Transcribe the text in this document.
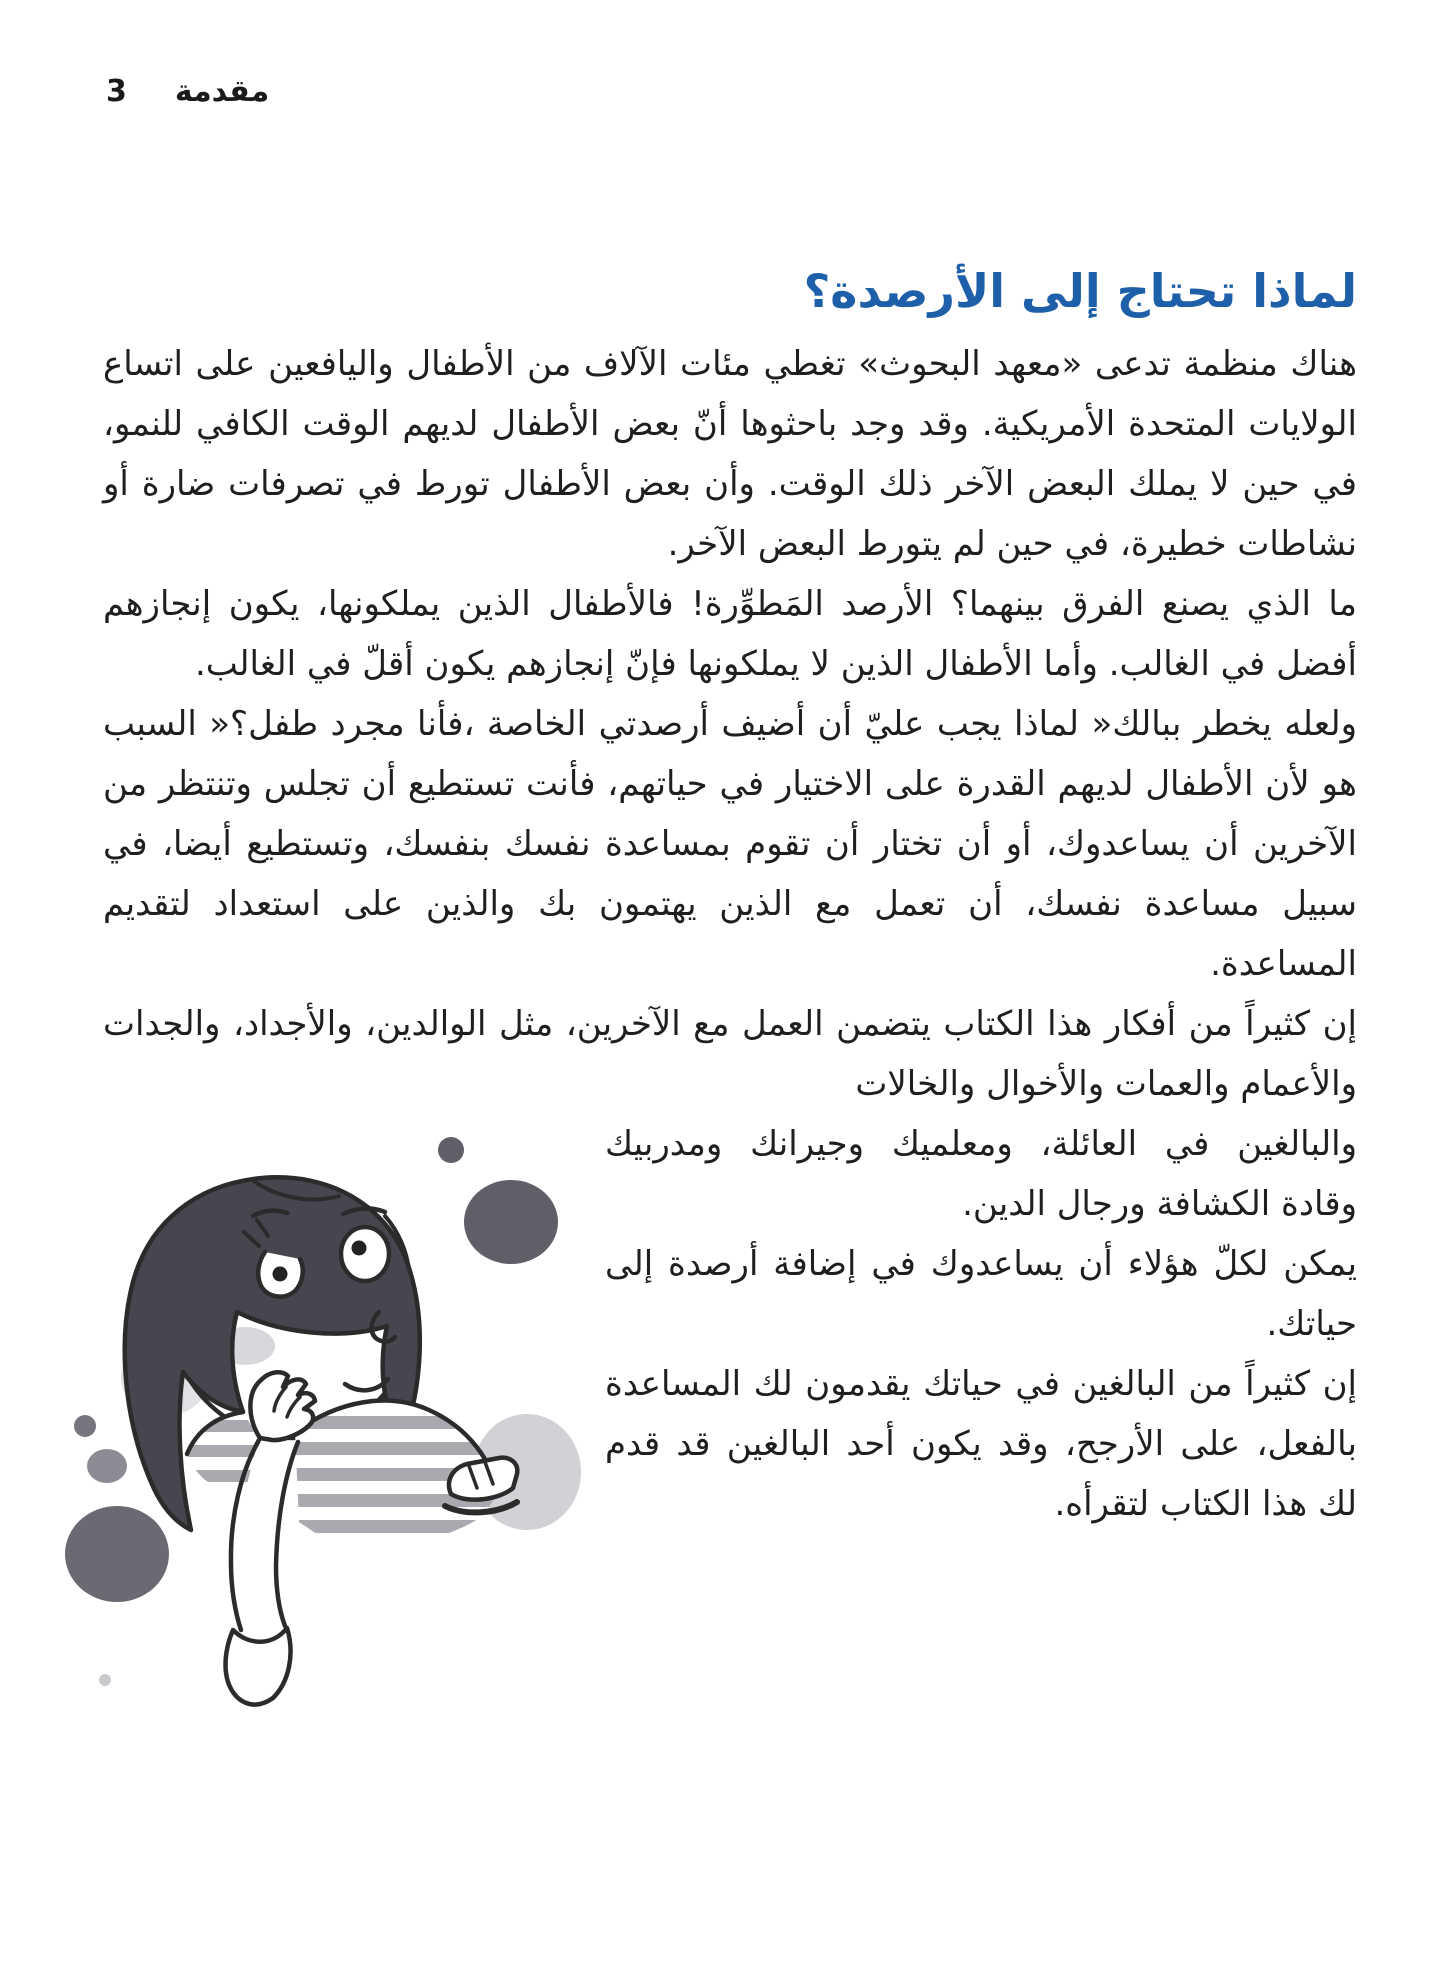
3 مقدمة
لماذا تحتاج إلى الأرصدة؟

هناك منظمة تدعى «معهد البحوث» تغطي مئات الآلاف من الأطفال واليافعين على اتساع الولايات المتحدة الأمريكية. وقد وجد باحثوها أنّ بعض الأطفال لديهم الوقت الكافي للنمو، في حين لا يملك البعض الآخر ذلك الوقت. وأن بعض الأطفال تورط في تصرفات ضارة أو نشاطات خطيرة، في حين لم يتورط البعض الآخر.

ما الذي يصنع الفرق بينهما؟ الأرصد المَطوِّرة! فالأطفال الذين يملكونها، يكون إنجازهم أفضل في الغالب. وأما الأطفال الذين لا يملكونها فإنّ إنجازهم يكون أقلّ في الغالب.

ولعله يخطر ببالك« لماذا يجب عليّ أن أضيف أرصدتي الخاصة ،فأنا مجرد طفل؟« السبب هو لأن الأطفال لديهم القدرة على الاختيار في حياتهم، فأنت تستطيع أن تجلس وتنتظر من الآخرين أن يساعدوك، أو أن تختار أن تقوم بمساعدة نفسك بنفسك، وتستطيع أيضا، في سبيل مساعدة نفسك، أن تعمل مع الذين يهتمون بك والذين على استعداد لتقديم المساعدة.

إن كثيراً من أفكار هذا الكتاب يتضمن العمل مع الآخرين، مثل الوالدين، والأجداد، والجدات والأعمام والعمات والأخوال والخالات

والبالغين في العائلة، ومعلميك وجيرانك ومدربيك وقادة الكشافة ورجال الدين.

يمكن لكلّ هؤلاء أن يساعدوك في إضافة أرصدة إلى حياتك.

إن كثيراً من البالغين في حياتك يقدمون لك المساعدة بالفعل، على الأرجح، وقد يكون أحد البالغين قد قدم لك هذا الكتاب لتقرأه.
